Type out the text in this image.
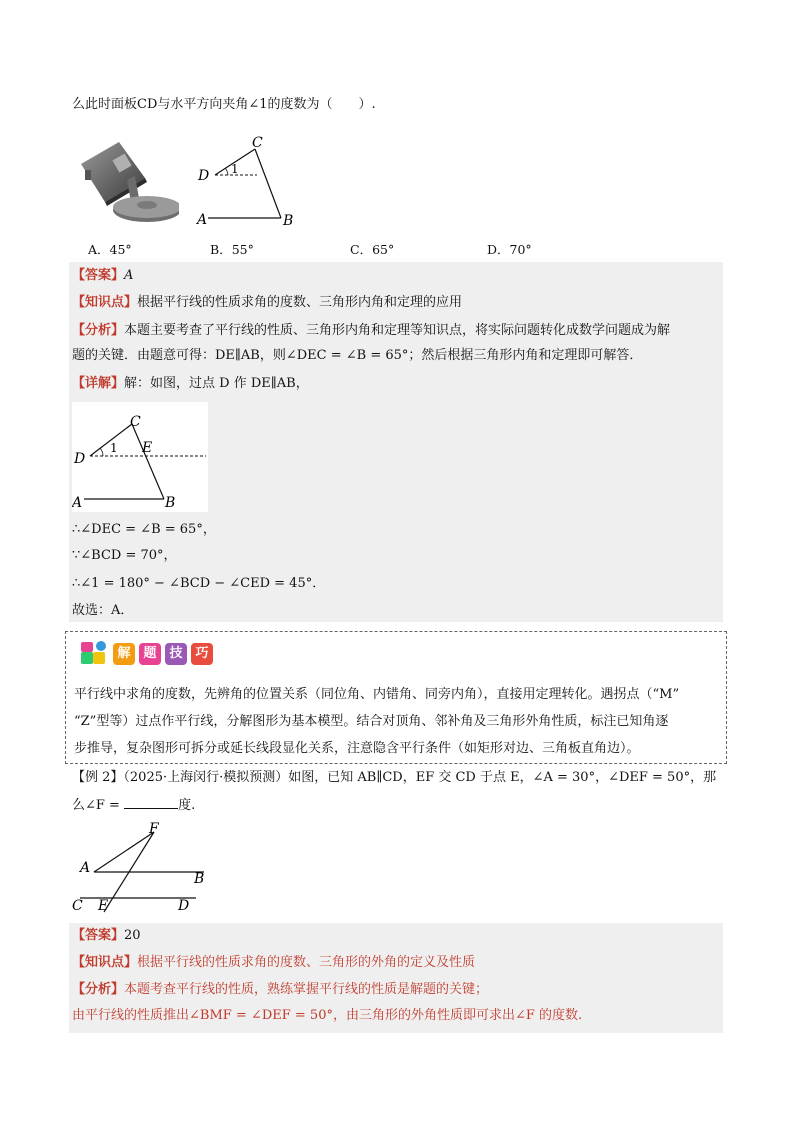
么此时面板CD与水平方向夹角∠1的度数为（　　）.
C
D 1
A	B
A．45°	B．55°	C．65°	D．70°
【答案】A
【知识点】根据平行线的性质求角的度数、三角形内角和定理的应用
【分析】本题主要考查了平行线的性质、三角形内角和定理等知识点，将实际问题转化成数学问题成为解
题的关键．由题意可得：DE∥AB，则∠DEC = ∠B = 65°；然后根据三角形内角和定理即可解答．
【详解】解：如图，过点 D 作 DE∥AB，
C
E
D
1
A	B
∴∠DEC = ∠B = 65°，
∵∠BCD = 70°，
∴∠1 = 180° − ∠BCD − ∠CED = 45°．
故选：A．
解 题 技 巧
平行线中求角的度数，先辨角的位置关系（同位角、内错角、同旁内角），直接用定理转化。遇拐点（“M”
“Z”型等）过点作平行线，分解图形为基本模型。结合对顶角、邻补角及三角形外角性质，标注已知角逐
步推导，复杂图形可拆分或延长线段显化关系，注意隐含平行条件（如矩形对边、三角板直角边）。
【例 2】（2025·上海闵行·模拟预测）如图，已知 AB∥CD，EF 交 CD 于点 E，∠A = 30°，∠DEF = 50°，那
么∠F =	度.
F
A
B
C E	D
【答案】20
【知识点】根据平行线的性质求角的度数、三角形的外角的定义及性质
【分析】本题考查平行线的性质，熟练掌握平行线的性质是解题的关键；
由平行线的性质推出∠BMF = ∠DEF = 50°，由三角形的外角性质即可求出∠F 的度数.
